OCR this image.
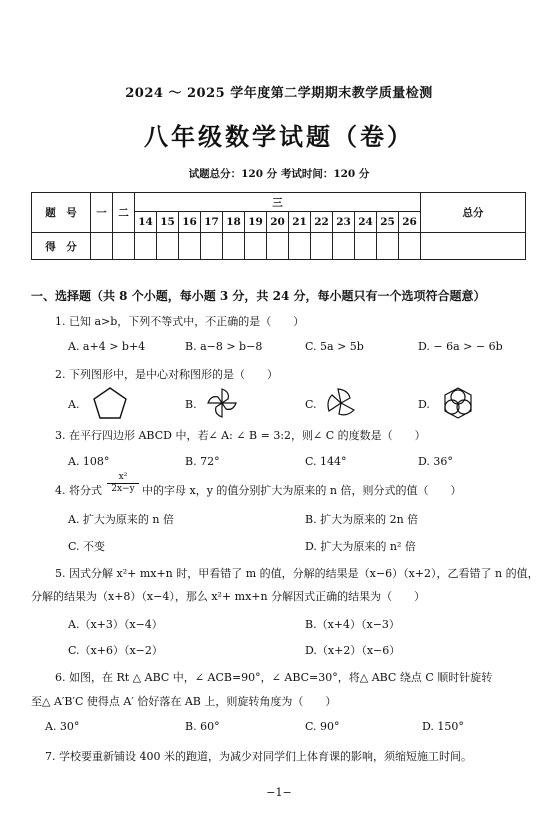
2024 ～ 2025 学年度第二学期期末教学质量检测
八年级数学试题（卷）
试题总分：120 分 考试时间：120 分
题　号	一	二	三													总分
			14	15	16	17	18	19	20	21	22	23	24	25	26	
得　分																
一、选择题（共 8 个小题，每小题 3 分，共 24 分，每小题只有一个选项符合题意）
1. 已知 a>b，下列不等式中，不正确的是（　　）
A. a+4 > b+4	B. a−8 > b−8	C. 5a > 5b	D. − 6a > − 6b
2. 下列图形中，是中心对称图形的是（　　）
A.	B.	C.	D.
3. 在平行四边形 ABCD 中，若∠ A: ∠ B = 3:2，则∠ C 的度数是（　　）
A. 108°	B. 72°	C. 144°	D. 36°
4. 将分式 $\frac{\text{x²}}{2x-y}$ 中的字母 x，y 的值分别扩大为原来的 n 倍，则分式的值（　　）
A. 扩大为原来的 n 倍	B. 扩大为原来的 2n 倍
C. 不变	D. 扩大为原来的 n² 倍
5. 因式分解 x²+ mx+n 时，甲看错了 m 的值，分解的结果是（x−6）（x+2），乙看错了 n 的值，
分解的结果为（x+8）（x−4），那么 x²+ mx+n 分解因式正确的结果为（　　）
A.（x+3）（x−4）	B.（x+4）（x−3）
C.（x+6）（x−2）	D.（x+2）（x−6）
6. 如图，在 Rt △ ABC 中，∠ ACB=90°，∠ ABC=30°，将△ ABC 绕点 C 顺时针旋转
至△ A′B′C 使得点 A′ 恰好落在 AB 上，则旋转角度为（　　）
A. 30°	B. 60°	C. 90°	D. 150°
7. 学校要重新铺设 400 米的跑道，为减少对同学们上体育课的影响，须缩短施工时间。
−1−
